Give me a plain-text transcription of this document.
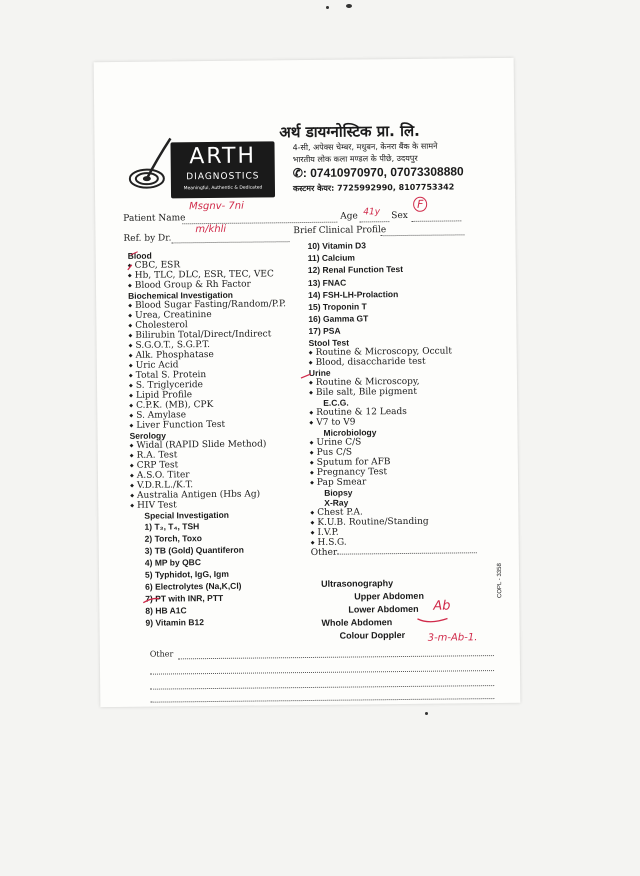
ARTH
DIAGNOSTICS
Meaningful, Authentic & Dedicated
अर्थ डायग्नोस्टिक प्रा. लि.
4-सी, अपेक्स चेम्बर, मधुबन, केनरा बैंक के सामने
भारतीय लोक कला मण्डल के पीछे, उदयपुर
✆: 07410970970, 07073308880
कस्टमर केयर: 7725992990, 8107753342
Patient Name
Msgnv- 7ni
Age 41y Sex
F
Ref. by Dr.
m/khli	Brief Clinical Profile
Blood
◆ CBC, ESR
◆ Hb, TLC, DLC, ESR, TEC, VEC
◆ Blood Group & Rh Factor
Biochemical Investigation
◆ Blood Sugar Fasting/Random/P.P.
◆ Urea, Creatinine
◆ Cholesterol
◆ Bilirubin Total/Direct/Indirect
◆ S.G.O.T., S.G.P.T.
◆ Alk. Phosphatase
◆ Uric Acid
◆ Total S. Protein
◆ S. Triglyceride
◆ Lipid Profile
◆ C.P.K. (MB), CPK
◆ S. Amylase
◆ Liver Function Test
Serology
◆ Widal (RAPID Slide Method)
◆ R.A. Test
◆ CRP Test
◆ A.S.O. Titer
◆ V.D.R.L./K.T.
◆ Australia Antigen (Hbs Ag)
◆ HIV Test
Special Investigation
1) T₃, T₄, TSH
2) Torch, Toxo
3) TB (Gold) Quantiferon
4) MP by QBC
5) Typhidot, IgG, Igm
6) Electrolytes (Na,K,Cl)
7) PT with INR, PTT
8) HB A1C
9) Vitamin B12
Other
10) Vitamin D3
11) Calcium
12) Renal Function Test
13) FNAC
14) FSH-LH-Prolaction
15) Troponin T
16) Gamma GT
17) PSA
Stool Test
◆ Routine & Microscopy, Occult
◆ Blood, disaccharide test
Urine
◆ Routine & Microscopy,
◆ Bile salt, Bile pigment
E.C.G.
◆ Routine & 12 Leads
◆ V7 to V9
Microbiology
◆ Urine C/S
◆ Pus C/S
◆ Sputum for AFB
◆ Pregnancy Test
◆ Pap Smear
Biopsy
X-Ray
◆ Chest P.A.
◆ K.U.B. Routine/Standing
◆ I.V.P.
◆ H.S.G.
Other
Ultrasonography
Upper Abdomen
Lower Abdomen
Whole Abdomen
Colour Doppler
COPL - 3358
Ab
3-m-Ab-1.
